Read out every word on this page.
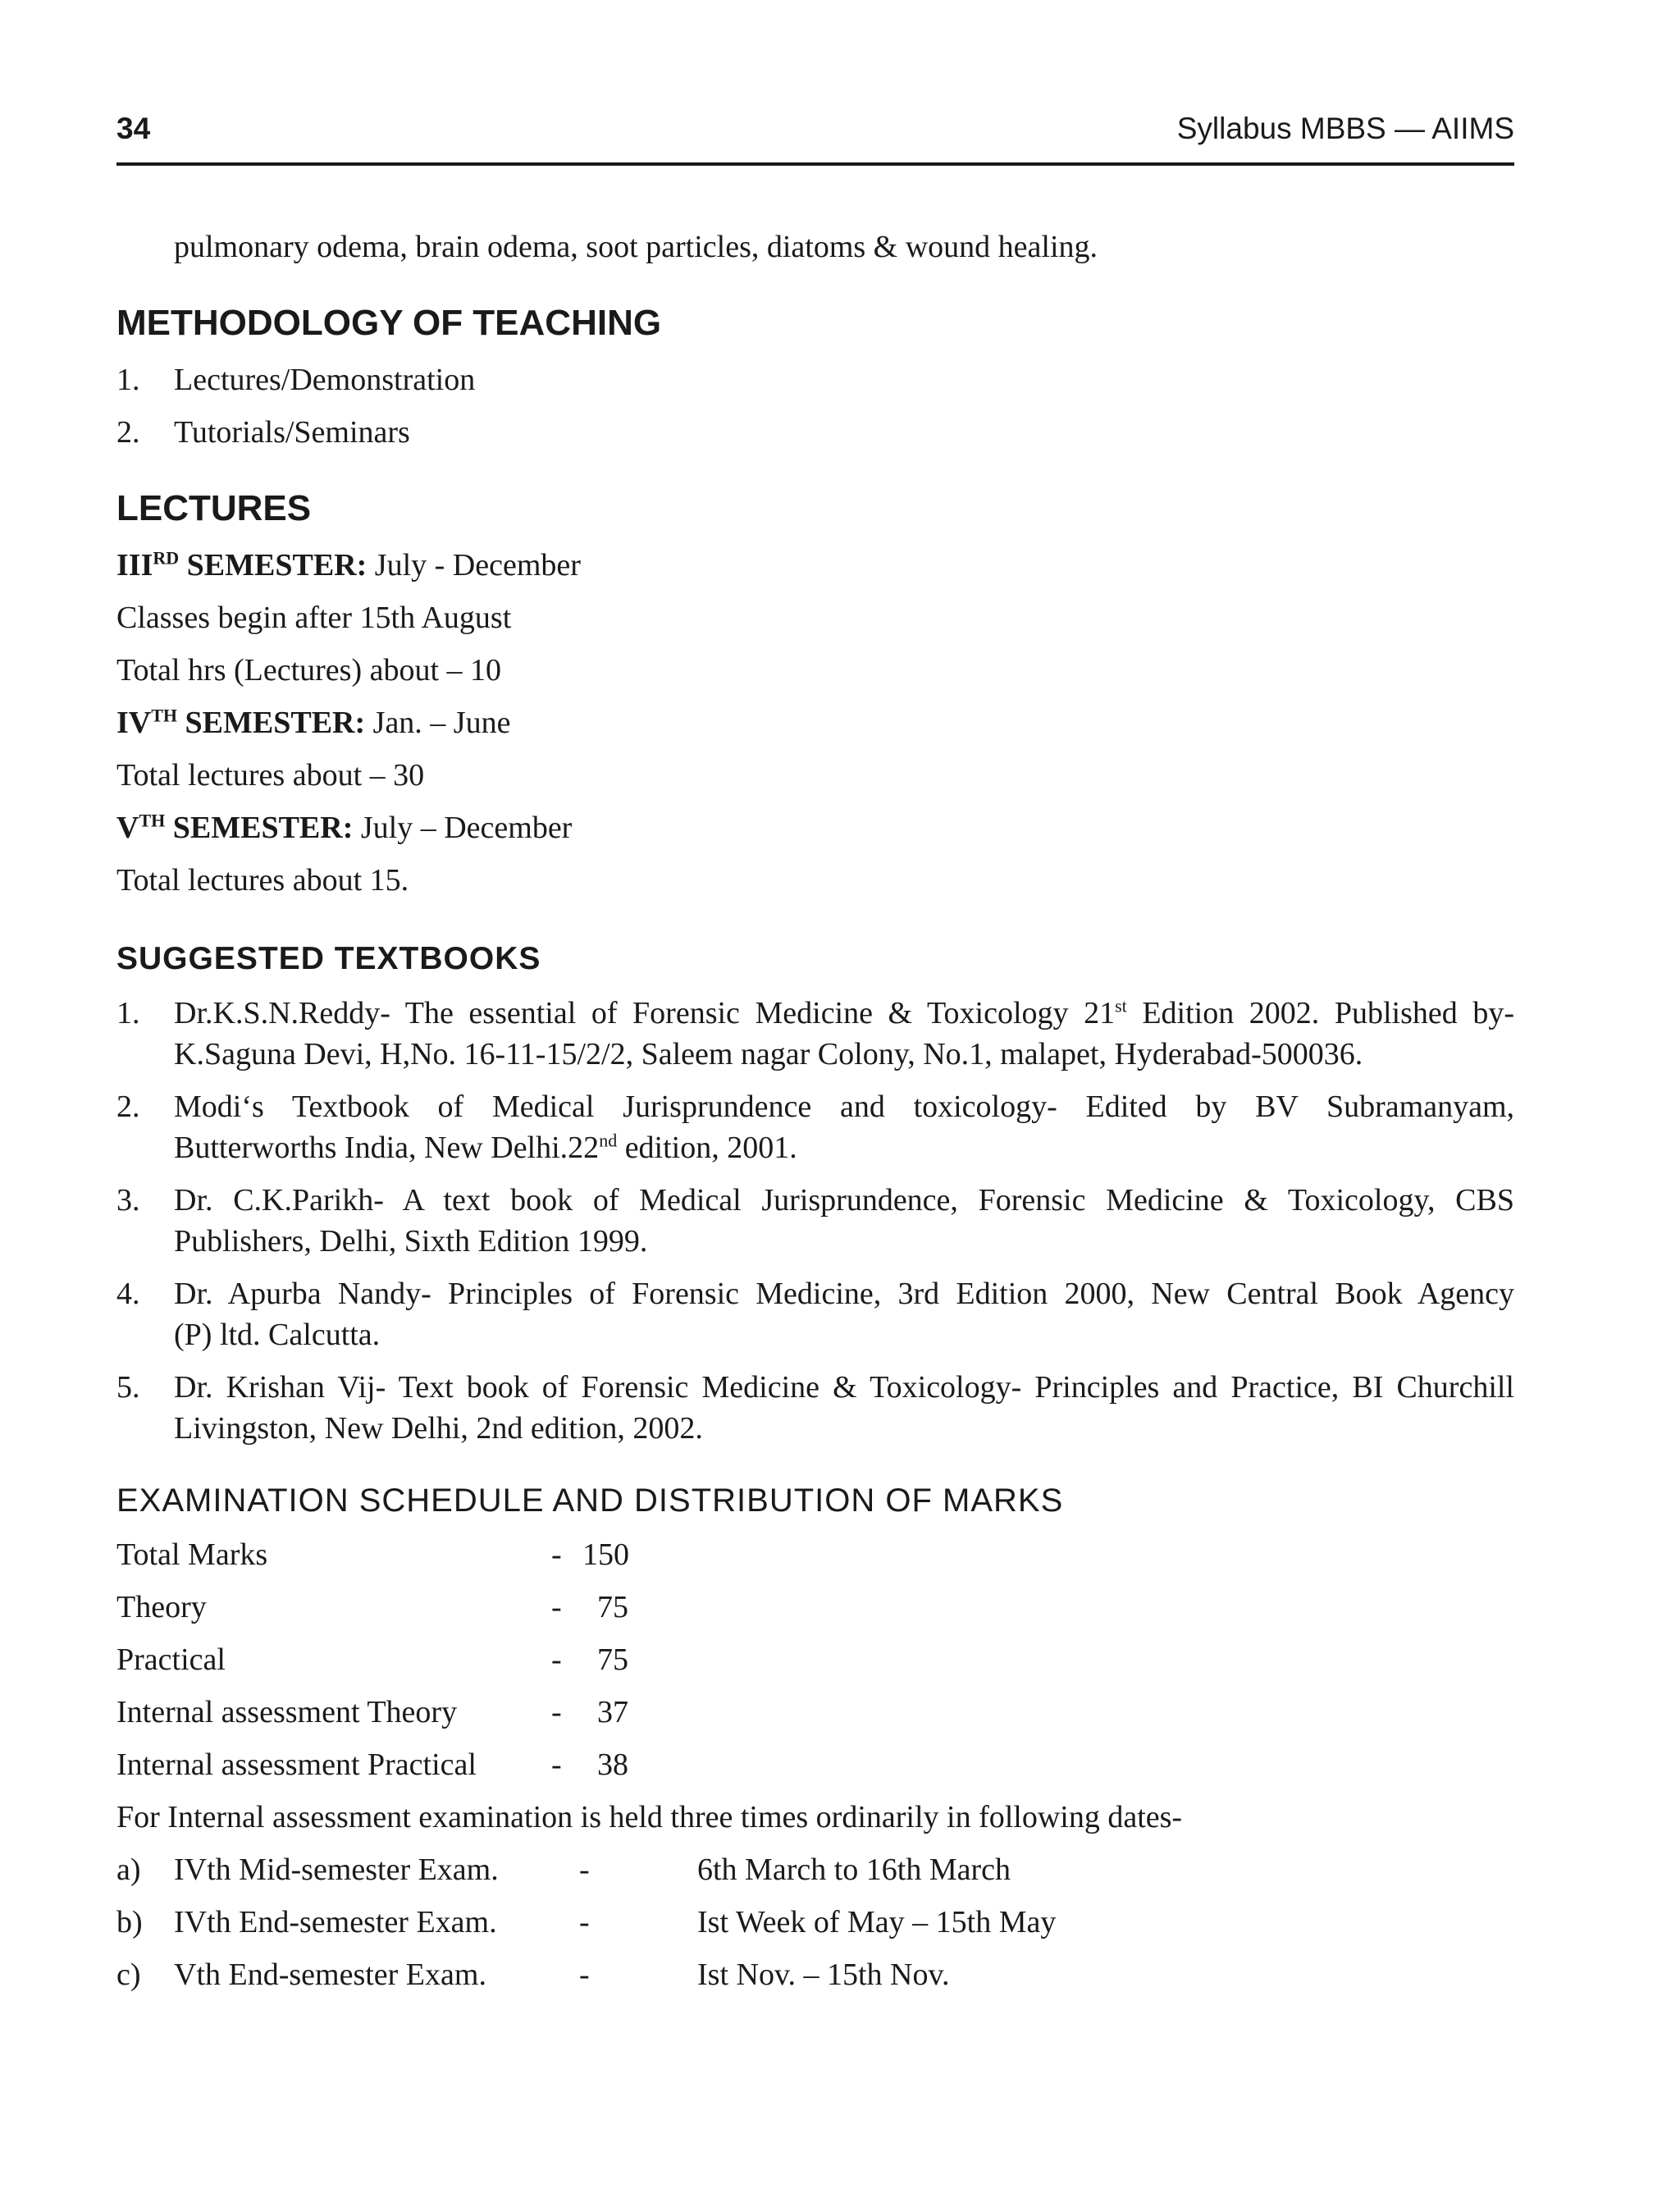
34	Syllabus MBBS — AIIMS
pulmonary odema, brain odema, soot particles, diatoms & wound healing.
METHODOLOGY OF TEACHING
1. Lectures/Demonstration
2. Tutorials/Seminars
LECTURES
IIIRD SEMESTER: July - December
Classes begin after 15th August
Total hrs (Lectures) about – 10
IVTH SEMESTER: Jan. – June
Total lectures about – 30
VTH SEMESTER: July – December
Total lectures about 15.
SUGGESTED TEXTBOOKS
1. Dr.K.S.N.Reddy- The essential of Forensic Medicine & Toxicology 21st Edition 2002. Published by-
K.Saguna Devi, H,No. 16-11-15/2/2, Saleem nagar Colony, No.1, malapet, Hyderabad-500036.
2. Modi‘s Textbook of Medical Jurisprundence and toxicology- Edited by BV Subramanyam,
Butterworths India, New Delhi.22nd edition, 2001.
3. Dr. C.K.Parikh- A text book of Medical Jurisprundence, Forensic Medicine & Toxicology, CBS
Publishers, Delhi, Sixth Edition 1999.
4. Dr. Apurba Nandy- Principles of Forensic Medicine, 3rd Edition 2000, New Central Book Agency
(P) ltd. Calcutta.
5. Dr. Krishan Vij- Text book of Forensic Medicine & Toxicology- Principles and Practice, BI Churchill
Livingston, New Delhi, 2nd edition, 2002.
EXAMINATION SCHEDULE AND DISTRIBUTION OF MARKS
Total Marks	- 150
Theory	- 75
Practical	- 75
Internal assessment Theory	- 37
Internal assessment Practical - 38
For Internal assessment examination is held three times ordinarily in following dates-
a) IVth Mid-semester Exam.	-	6th March to 16th March
b) IVth End-semester Exam.	-	Ist Week of May – 15th May
c) Vth End-semester Exam.	-	Ist Nov. – 15th Nov.
